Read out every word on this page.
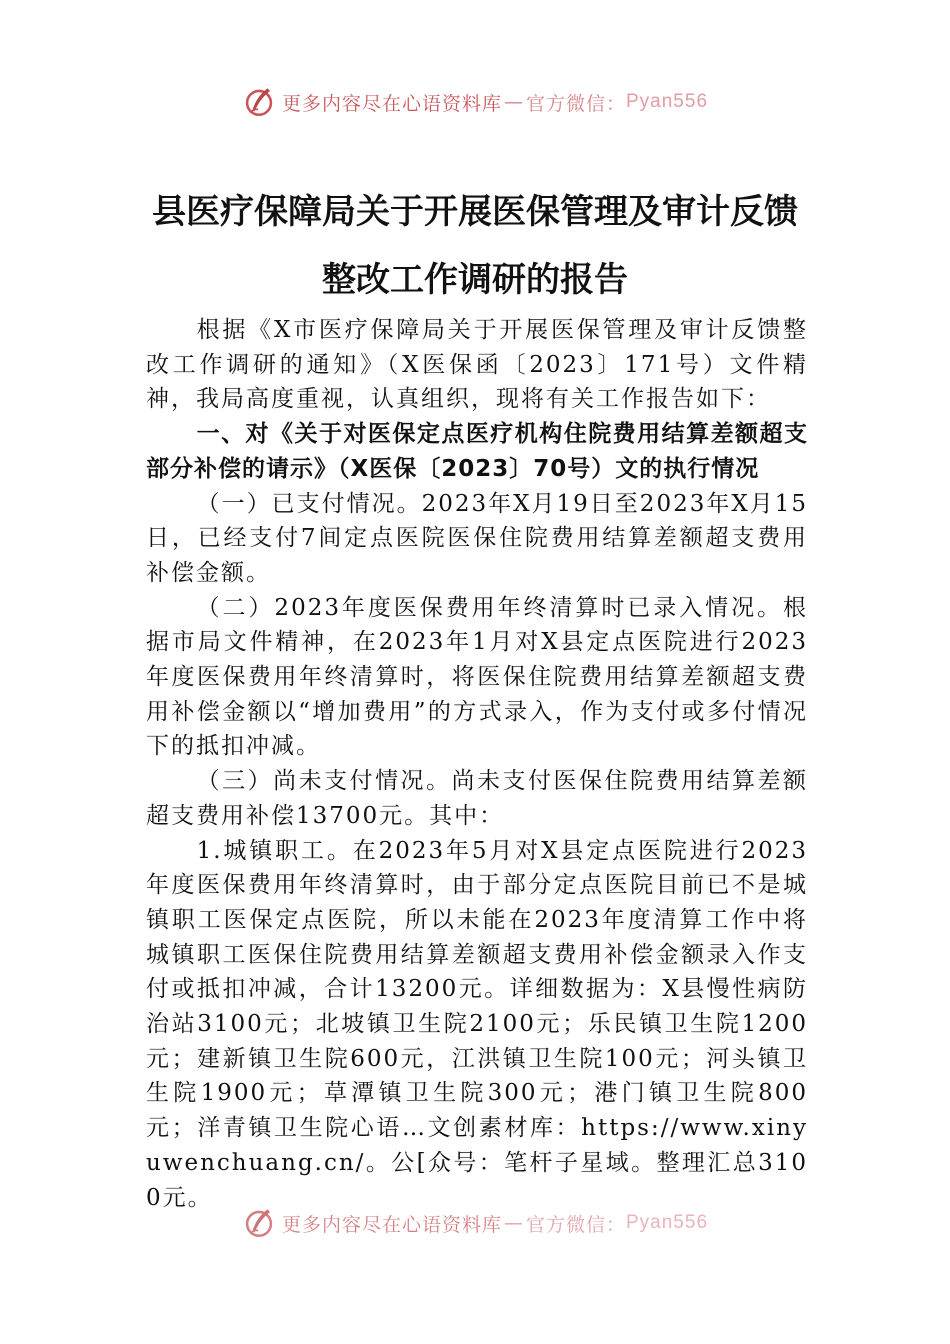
更多内容尽在心语资料库 — 官方微信： Pyan556
县医疗保障局关于开展医保管理及审计反馈整改工作调研的报告

根据《X市医疗保障局关于开展医保管理及审计反馈整改工作调研的通知》（X医保函〔2023〕171号）文件精神，我局高度重视，认真组织，现将有关工作报告如下：

一、对《关于对医保定点医疗机构住院费用结算差额超支部分补偿的请示》（X医保〔2023〕70号）文的执行情况

（一）已支付情况。2023年X月19日至2023年X月15日，已经支付7间定点医院医保住院费用结算差额超支费用补偿金额。

（二）2023年度医保费用年终清算时已录入情况。根据市局文件精神，在2023年1月对X县定点医院进行2023年度医保费用年终清算时，将医保住院费用结算差额超支费用补偿金额以“增加费用”的方式录入，作为支付或多付情况下的抵扣冲减。

（三）尚未支付情况。尚未支付医保住院费用结算差额超支费用补偿13700元。其中：

1.城镇职工。在2023年5月对X县定点医院进行2023年度医保费用年终清算时，由于部分定点医院目前已不是城镇职工医保定点医院，所以未能在2023年度清算工作中将城镇职工医保住院费用结算差额超支费用补偿金额录入作支付或抵扣冲减，合计13200元。详细数据为：X县慢性病防治站3100元；北坡镇卫生院2100元；乐民镇卫生院1200元；建新镇卫生院600元，江洪镇卫生院100元；河头镇卫生院1900元；草潭镇卫生院300元；港门镇卫生院800元；洋青镇卫生院心语…文创素材库：https://www.xinyuwenchuang.cn/。公[众号：笔杆子星域。整理汇总3100元。

更多内容尽在心语资料库 — 官方微信： Pyan556
